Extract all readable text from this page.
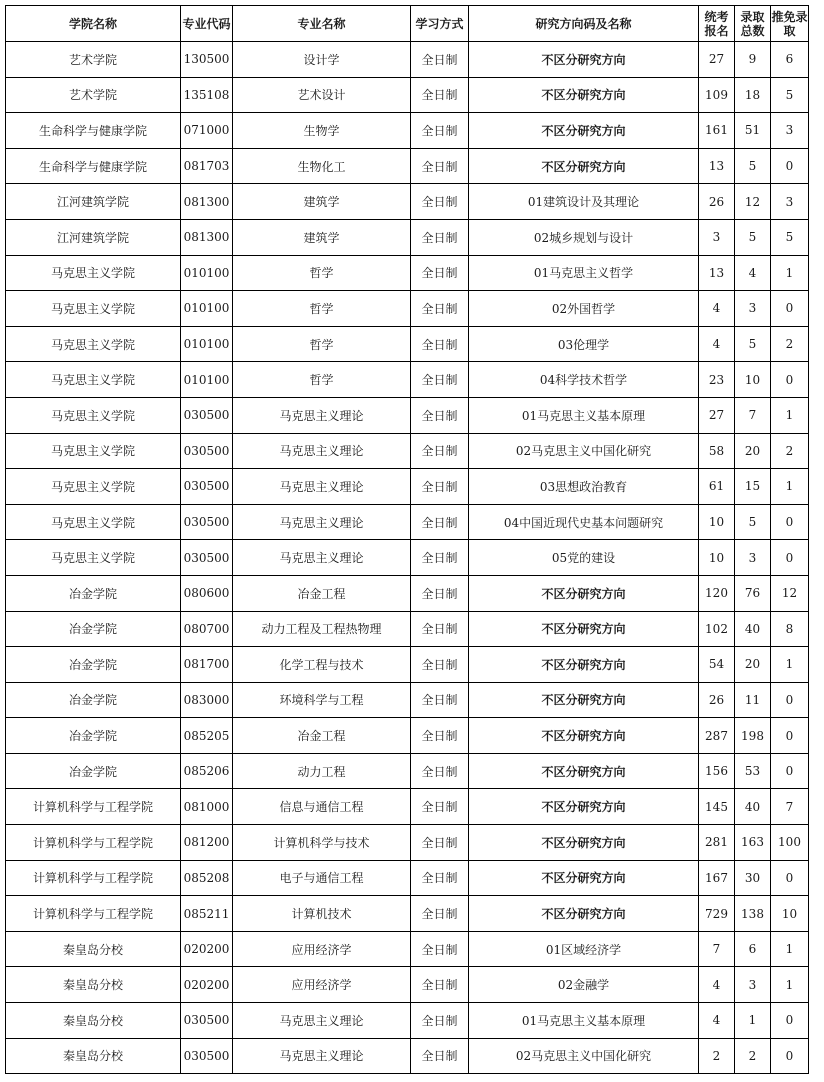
学院名称	专业代码	专业名称	学习方式	研究方向码及名称	统考报名	录取总数	推免录取
艺术学院	130500	设计学	全日制	不区分研究方向	27	9	6
艺术学院	135108	艺术设计	全日制	不区分研究方向	109	18	5
生命科学与健康学院	071000	生物学	全日制	不区分研究方向	161	51	3
生命科学与健康学院	081703	生物化工	全日制	不区分研究方向	13	5	0
江河建筑学院	081300	建筑学	全日制	01建筑设计及其理论	26	12	3
江河建筑学院	081300	建筑学	全日制	02城乡规划与设计	3	5	5
马克思主义学院	010100	哲学	全日制	01马克思主义哲学	13	4	1
马克思主义学院	010100	哲学	全日制	02外国哲学	4	3	0
马克思主义学院	010100	哲学	全日制	03伦理学	4	5	2
马克思主义学院	010100	哲学	全日制	04科学技术哲学	23	10	0
马克思主义学院	030500	马克思主义理论	全日制	01马克思主义基本原理	27	7	1
马克思主义学院	030500	马克思主义理论	全日制	02马克思主义中国化研究	58	20	2
马克思主义学院	030500	马克思主义理论	全日制	03思想政治教育	61	15	1
马克思主义学院	030500	马克思主义理论	全日制	04中国近现代史基本问题研究	10	5	0
马克思主义学院	030500	马克思主义理论	全日制	05党的建设	10	3	0
冶金学院	080600	冶金工程	全日制	不区分研究方向	120	76	12
冶金学院	080700	动力工程及工程热物理	全日制	不区分研究方向	102	40	8
冶金学院	081700	化学工程与技术	全日制	不区分研究方向	54	20	1
冶金学院	083000	环境科学与工程	全日制	不区分研究方向	26	11	0
冶金学院	085205	冶金工程	全日制	不区分研究方向	287	198	0
冶金学院	085206	动力工程	全日制	不区分研究方向	156	53	0
计算机科学与工程学院	081000	信息与通信工程	全日制	不区分研究方向	145	40	7
计算机科学与工程学院	081200	计算机科学与技术	全日制	不区分研究方向	281	163	100
计算机科学与工程学院	085208	电子与通信工程	全日制	不区分研究方向	167	30	0
计算机科学与工程学院	085211	计算机技术	全日制	不区分研究方向	729	138	10
秦皇岛分校	020200	应用经济学	全日制	01区域经济学	7	6	1
秦皇岛分校	020200	应用经济学	全日制	02金融学	4	3	1
秦皇岛分校	030500	马克思主义理论	全日制	01马克思主义基本原理	4	1	0
秦皇岛分校	030500	马克思主义理论	全日制	02马克思主义中国化研究	2	2	0
